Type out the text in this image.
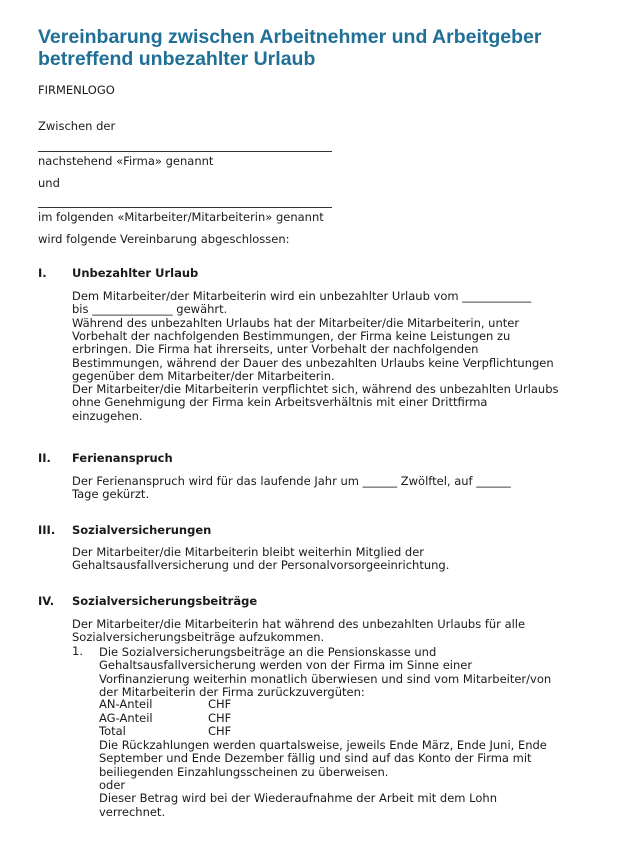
Vereinbarung zwischen Arbeitnehmer und Arbeitgeber betreffend unbezahlter Urlaub
FIRMENLOGO
Zwischen der
nachstehend «Firma» genannt
und
im folgenden «Mitarbeiter/Mitarbeiterin» genannt
wird folgende Vereinbarung abgeschlossen:
I. Unbezahlter Urlaub
Dem Mitarbeiter/der Mitarbeiterin wird ein unbezahlter Urlaub vom ____________
bis ______________ gewährt.
Während des unbezahlten Urlaubs hat der Mitarbeiter/die Mitarbeiterin, unter
Vorbehalt der nachfolgenden Bestimmungen, der Firma keine Leistungen zu
erbringen. Die Firma hat ihrerseits, unter Vorbehalt der nachfolgenden
Bestimmungen, während der Dauer des unbezahlten Urlaubs keine Verpflichtungen
gegenüber dem Mitarbeiter/der Mitarbeiterin.
Der Mitarbeiter/die Mitarbeiterin verpflichtet sich, während des unbezahlten Urlaubs
ohne Genehmigung der Firma kein Arbeitsverhältnis mit einer Drittfirma
einzugehen.
II. Ferienanspruch
Der Ferienanspruch wird für das laufende Jahr um ______ Zwölftel, auf ______
Tage gekürzt.
III. Sozialversicherungen
Der Mitarbeiter/die Mitarbeiterin bleibt weiterhin Mitglied der
Gehaltsausfallversicherung und der Personalvorsorgeeinrichtung.
IV. Sozialversicherungsbeiträge
Der Mitarbeiter/die Mitarbeiterin hat während des unbezahlten Urlaubs für alle
Sozialversicherungsbeiträge aufzukommen.
1. Die Sozialversicherungsbeiträge an die Pensionskasse und
Gehaltsausfallversicherung werden von der Firma im Sinne einer
Vorfinanzierung weiterhin monatlich überwiesen und sind vom Mitarbeiter/von
der Mitarbeiterin der Firma zurückzuvergüten:
AN-Anteil	CHF
AG-Anteil	CHF
Total	CHF
Die Rückzahlungen werden quartalsweise, jeweils Ende März, Ende Juni, Ende
September und Ende Dezember fällig und sind auf das Konto der Firma mit
beiliegenden Einzahlungsscheinen zu überweisen.
oder
Dieser Betrag wird bei der Wiederaufnahme der Arbeit mit dem Lohn
verrechnet.
